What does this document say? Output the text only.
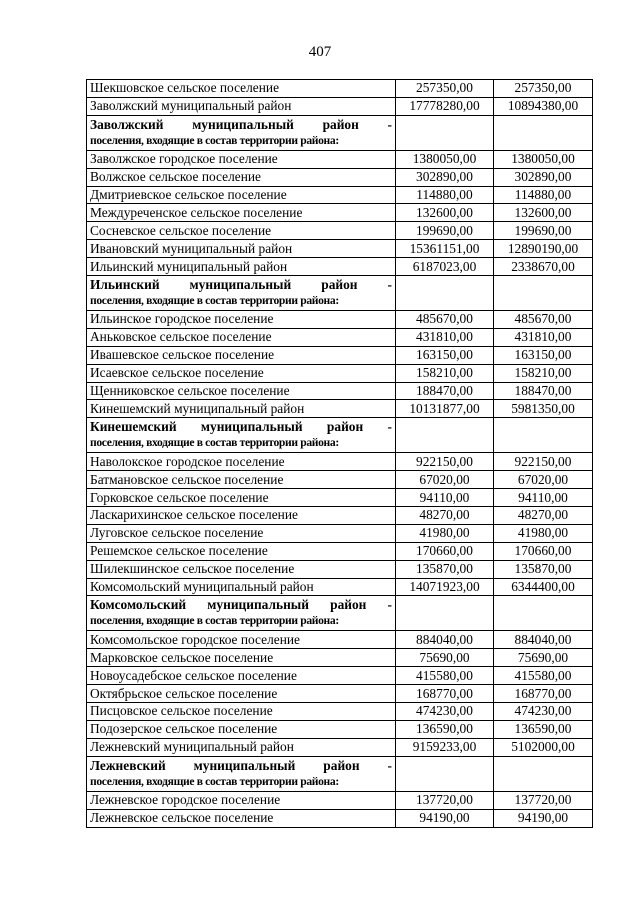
407
Шекшовское сельское поселение	257350,00	257350,00
Заволжский муниципальный район	17778280,00	10894380,00

Заволжский муниципальный район -
поселения, входящие в состав территории района:		

Заволжское городское поселение	1380050,00	1380050,00
Волжское сельское поселение	302890,00	302890,00
Дмитриевское сельское поселение	114880,00	114880,00
Междуреченское сельское поселение	132600,00	132600,00
Сосневское сельское поселение	199690,00	199690,00
Ивановский муниципальный район	15361151,00	12890190,00
Ильинский муниципальный район	6187023,00	2338670,00

Ильинский муниципальный район -
поселения, входящие в состав территории района:		

Ильинское городское поселение	485670,00	485670,00
Аньковское сельское поселение	431810,00	431810,00
Ивашевское сельское поселение	163150,00	163150,00
Исаевское сельское поселение	158210,00	158210,00
Щенниковское сельское поселение	188470,00	188470,00
Кинешемский муниципальный район	10131877,00	5981350,00

Кинешемский муниципальный район -
поселения, входящие в состав территории района:		

Наволокское городское поселение	922150,00	922150,00
Батмановское сельское поселение	67020,00	67020,00
Горковское сельское поселение	94110,00	94110,00
Ласкарихинское сельское поселение	48270,00	48270,00
Луговское сельское поселение	41980,00	41980,00
Решемское сельское поселение	170660,00	170660,00
Шилекшинское сельское поселение	135870,00	135870,00
Комсомольский муниципальный район	14071923,00	6344400,00

Комсомольский муниципальный район -
поселения, входящие в состав территории района:		

Комсомольское городское поселение	884040,00	884040,00
Марковское сельское поселение	75690,00	75690,00
Новоусадебское сельское поселение	415580,00	415580,00
Октябрьское сельское поселение	168770,00	168770,00
Писцовское сельское поселение	474230,00	474230,00
Подозерское сельское поселение	136590,00	136590,00
Лежневский муниципальный район	9159233,00	5102000,00

Лежневский муниципальный район -
поселения, входящие в состав территории района:		

Лежневское городское поселение	137720,00	137720,00
Лежневское сельское поселение	94190,00	94190,00
